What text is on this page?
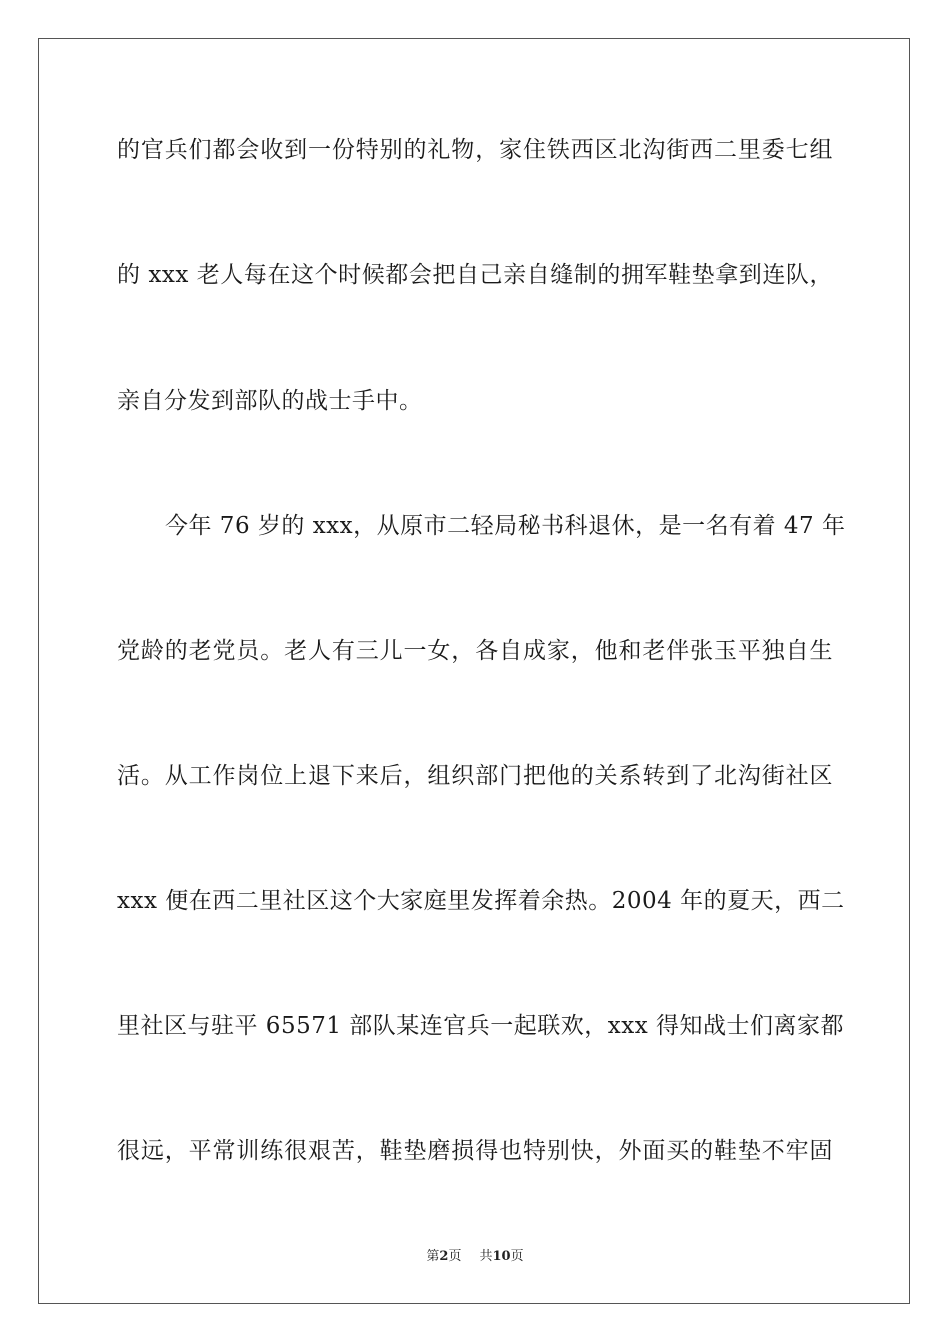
的官兵们都会收到一份特别的礼物，家住铁西区北沟街西二里委七组
的 xxx 老人每在这个时候都会把自己亲自缝制的拥军鞋垫拿到连队，
亲自分发到部队的战士手中。
今年 76 岁的 xxx，从原市二轻局秘书科退休，是一名有着 47 年
党龄的老党员。老人有三儿一女，各自成家，他和老伴张玉平独自生
活。从工作岗位上退下来后，组织部门把他的关系转到了北沟街社区
xxx 便在西二里社区这个大家庭里发挥着余热。2004 年的夏天，西二
里社区与驻平 65571 部队某连官兵一起联欢，xxx 得知战士们离家都
很远，平常训练很艰苦，鞋垫磨损得也特别快，外面买的鞋垫不牢固
第2页 共10页
